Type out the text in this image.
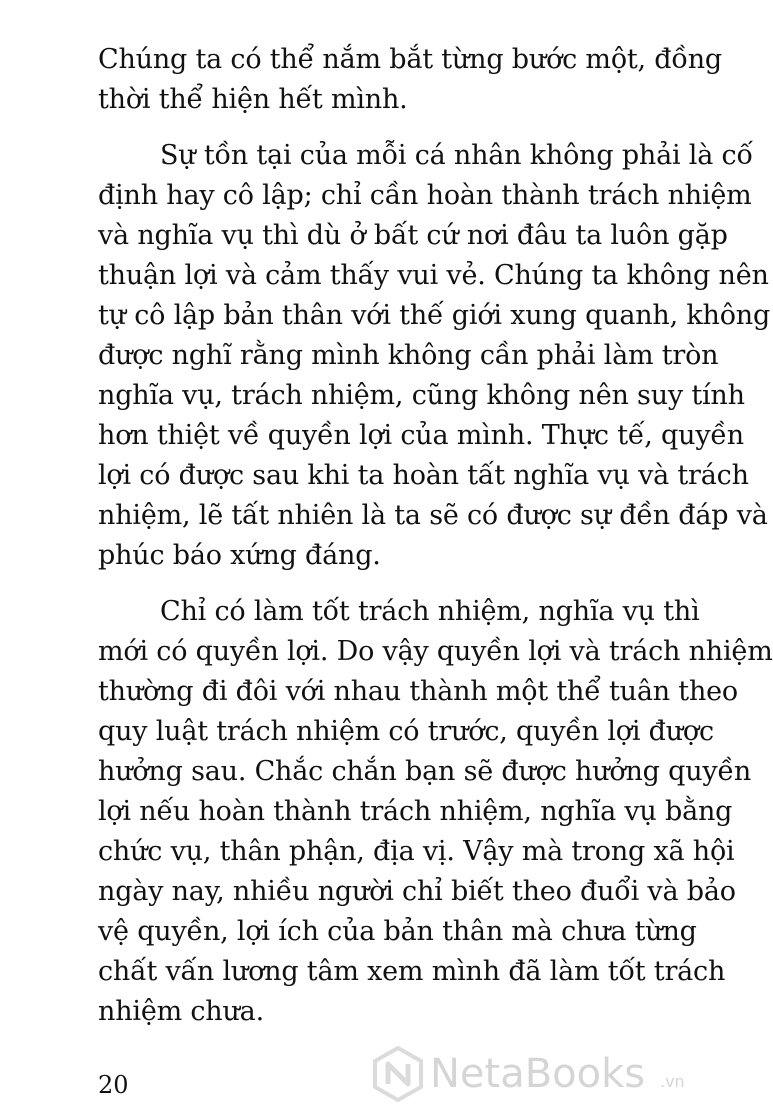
Chúng ta có thể nắm bắt từng bước một, đồng
thời thể hiện hết mình.
Sự tồn tại của mỗi cá nhân không phải là cố
định hay cô lập; chỉ cần hoàn thành trách nhiệm
và nghĩa vụ thì dù ở bất cứ nơi đâu ta luôn gặp
thuận lợi và cảm thấy vui vẻ. Chúng ta không nên
tự cô lập bản thân với thế giới xung quanh, không
được nghĩ rằng mình không cần phải làm tròn
nghĩa vụ, trách nhiệm, cũng không nên suy tính
hơn thiệt về quyền lợi của mình. Thực tế, quyền
lợi có được sau khi ta hoàn tất nghĩa vụ và trách
nhiệm, lẽ tất nhiên là ta sẽ có được sự đền đáp và
phúc báo xứng đáng.
Chỉ có làm tốt trách nhiệm, nghĩa vụ thì
mới có quyền lợi. Do vậy quyền lợi và trách nhiệm
thường đi đôi với nhau thành một thể tuân theo
quy luật trách nhiệm có trước, quyền lợi được
hưởng sau. Chắc chắn bạn sẽ được hưởng quyền
lợi nếu hoàn thành trách nhiệm, nghĩa vụ bằng
chức vụ, thân phận, địa vị. Vậy mà trong xã hội
ngày nay, nhiều người chỉ biết theo đuổi và bảo
vệ quyền, lợi ích của bản thân mà chưa từng
chất vấn lương tâm xem mình đã làm tốt trách
nhiệm chưa.
20	NetaBooks .vn
